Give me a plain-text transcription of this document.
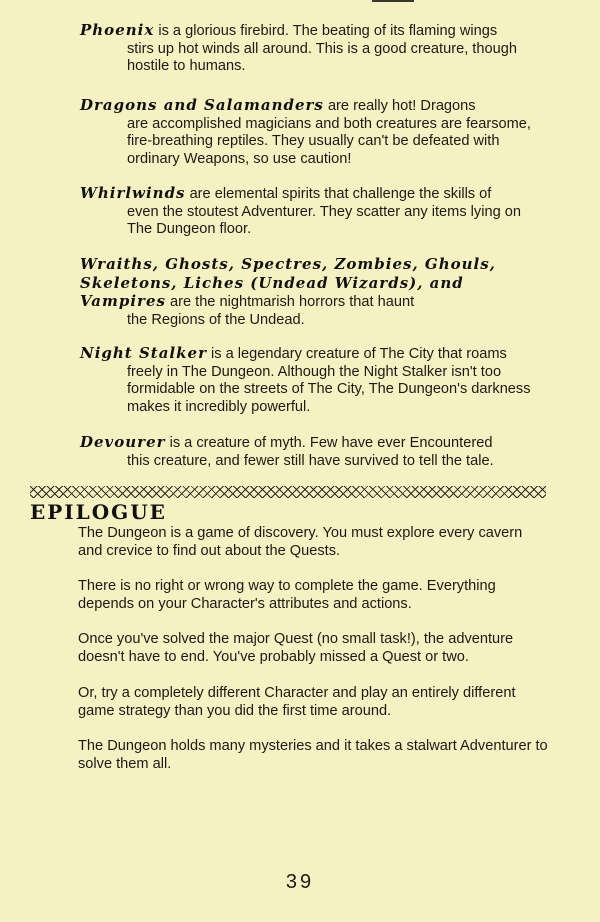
Phoenix is a glorious firebird. The beating of its flaming wings

stirs up hot winds all around. This is a good creature, though hostile to humans.

Dragons and Salamanders are really hot! Dragons

are accomplished magicians and both creatures are fearsome, fire-breathing reptiles. They usually can't be defeated with ordinary Weapons, so use caution!

Whirlwinds are elemental spirits that challenge the skills of

even the stoutest Adventurer. They scatter any items lying on The Dungeon floor.

Wraiths, Ghosts, Spectres, Zombies, Ghouls, Skeletons, Liches (Undead Wizards), and Vampires are the nightmarish horrors that haunt

the Regions of the Undead.

Night Stalker is a legendary creature of The City that roams

freely in The Dungeon. Although the Night Stalker isn't too formidable on the streets of The City, The Dungeon's darkness makes it incredibly powerful.

Devourer is a creature of myth. Few have ever Encountered

this creature, and fewer still have survived to tell the tale.

EPILOGUE

The Dungeon is a game of discovery. You must explore every cavern and crevice to find out about the Quests.

There is no right or wrong way to complete the game. Everything depends on your Character's attributes and actions.

Once you've solved the major Quest (no small task!), the adventure doesn't have to end. You've probably missed a Quest or two.

Or, try a completely different Character and play an entirely different game strategy than you did the first time around.

The Dungeon holds many mysteries and it takes a stalwart Adventurer to solve them all.

39
